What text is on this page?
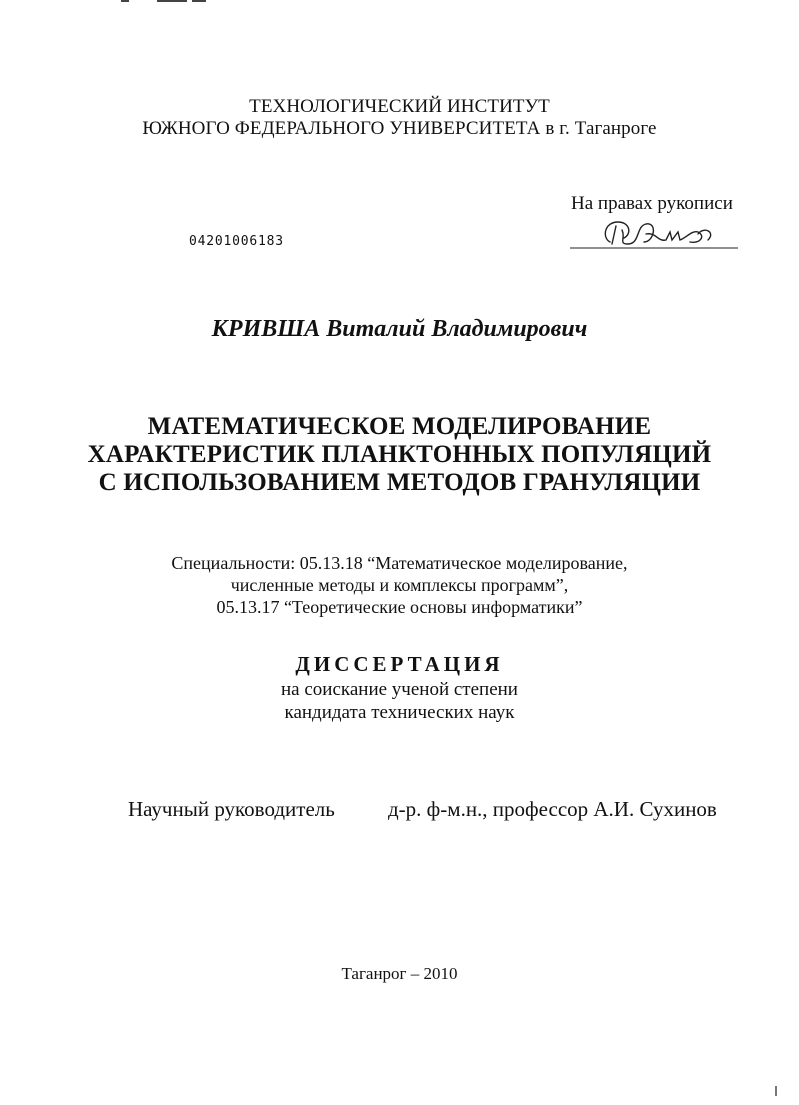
ТЕХНОЛОГИЧЕСКИЙ ИНСТИТУТ
ЮЖНОГО ФЕДЕРАЛЬНОГО УНИВЕРСИТЕТА в г. Таганроге
На правах рукописи
04201006183
КРИВША Виталий Владимирович
МАТЕМАТИЧЕСКОЕ МОДЕЛИРОВАНИЕ
ХАРАКТЕРИСТИК ПЛАНКТОННЫХ ПОПУЛЯЦИЙ
С ИСПОЛЬЗОВАНИЕМ МЕТОДОВ ГРАНУЛЯЦИИ
Специальности: 05.13.18 “Математическое моделирование,
численные методы и комплексы программ”,
05.13.17 “Теоретические основы информатики”
ДИССЕРТАЦИЯ
на соискание ученой степени
кандидата технических наук
Научный руководитель	д-р. ф-м.н., профессор А.И. Сухинов
Таганрог – 2010
